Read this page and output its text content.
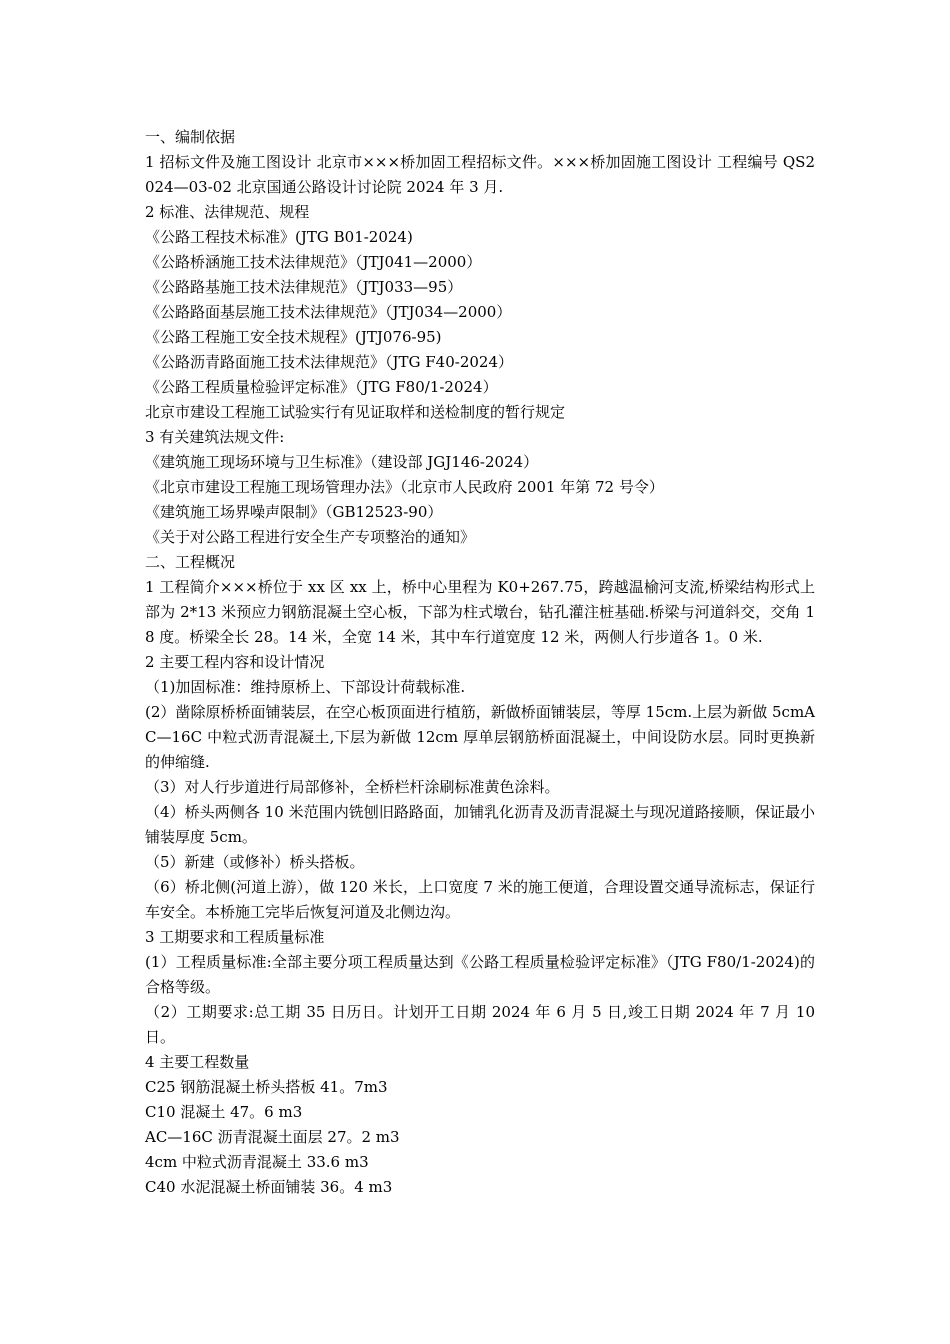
一、编制依据

1 招标文件及施工图设计 北京市×××桥加固工程招标文件。×××桥加固施工图设计 工程编号 QS2024—03-02 北京国通公路设计讨论院 2024 年 3 月.

2 标准、法律规范、规程

《公路工程技术标准》(JTG B01-2024)

《公路桥涵施工技术法律规范》（JTJ041—2000）

《公路路基施工技术法律规范》（JTJ033—95）

《公路路面基层施工技术法律规范》（JTJ034—2000）

《公路工程施工安全技术规程》(JTJ076-95)

《公路沥青路面施工技术法律规范》（JTG F40-2024）

《公路工程质量检验评定标准》（JTG F80/1-2024）

北京市建设工程施工试验实行有见证取样和送检制度的暂行规定

3 有关建筑法规文件:

《建筑施工现场环境与卫生标准》（建设部 JGJ146-2024）

《北京市建设工程施工现场管理办法》（北京市人民政府 2001 年第 72 号令）

《建筑施工场界噪声限制》（GB12523-90）

《关于对公路工程进行安全生产专项整治的通知》

二、工程概况

1 工程简介×××桥位于 xx 区 xx 上，桥中心里程为 K0+267.75，跨越温榆河支流,桥梁结构形式上部为 2*13 米预应力钢筋混凝土空心板，下部为柱式墩台，钻孔灌注桩基础.桥梁与河道斜交，交角 18 度。桥梁全长 28。14 米，全宽 14 米，其中车行道宽度 12 米，两侧人行步道各 1。0 米.

2 主要工程内容和设计情况

（1)加固标准：维持原桥上、下部设计荷载标准.

(2）凿除原桥桥面铺装层，在空心板顶面进行植筋，新做桥面铺装层，等厚 15cm.上层为新做 5cmAC—16C 中粒式沥青混凝土,下层为新做 12cm 厚单层钢筋桥面混凝土，中间设防水层。同时更换新的伸缩缝.

（3）对人行步道进行局部修补，全桥栏杆涂刷标准黄色涂料。

（4）桥头两侧各 10 米范围内铣刨旧路路面，加铺乳化沥青及沥青混凝土与现况道路接顺，保证最小铺装厚度 5cm。

（5）新建（或修补）桥头搭板。

（6）桥北侧(河道上游），做 120 米长，上口宽度 7 米的施工便道，合理设置交通导流标志，保证行车安全。本桥施工完毕后恢复河道及北侧边沟。

3 工期要求和工程质量标准

(1）工程质量标准:全部主要分项工程质量达到《公路工程质量检验评定标准》（JTG F80/1-2024)的合格等级。

（2）工期要求:总工期 35 日历日。计划开工日期 2024 年 6 月 5 日,竣工日期 2024 年 7 月 10 日。

4 主要工程数量

C25 钢筋混凝土桥头搭板 41。7m3

C10 混凝土 47。6 m3

AC—16C 沥青混凝土面层 27。2 m3

4cm 中粒式沥青混凝土 33.6 m3

C40 水泥混凝土桥面铺装 36。4 m3
